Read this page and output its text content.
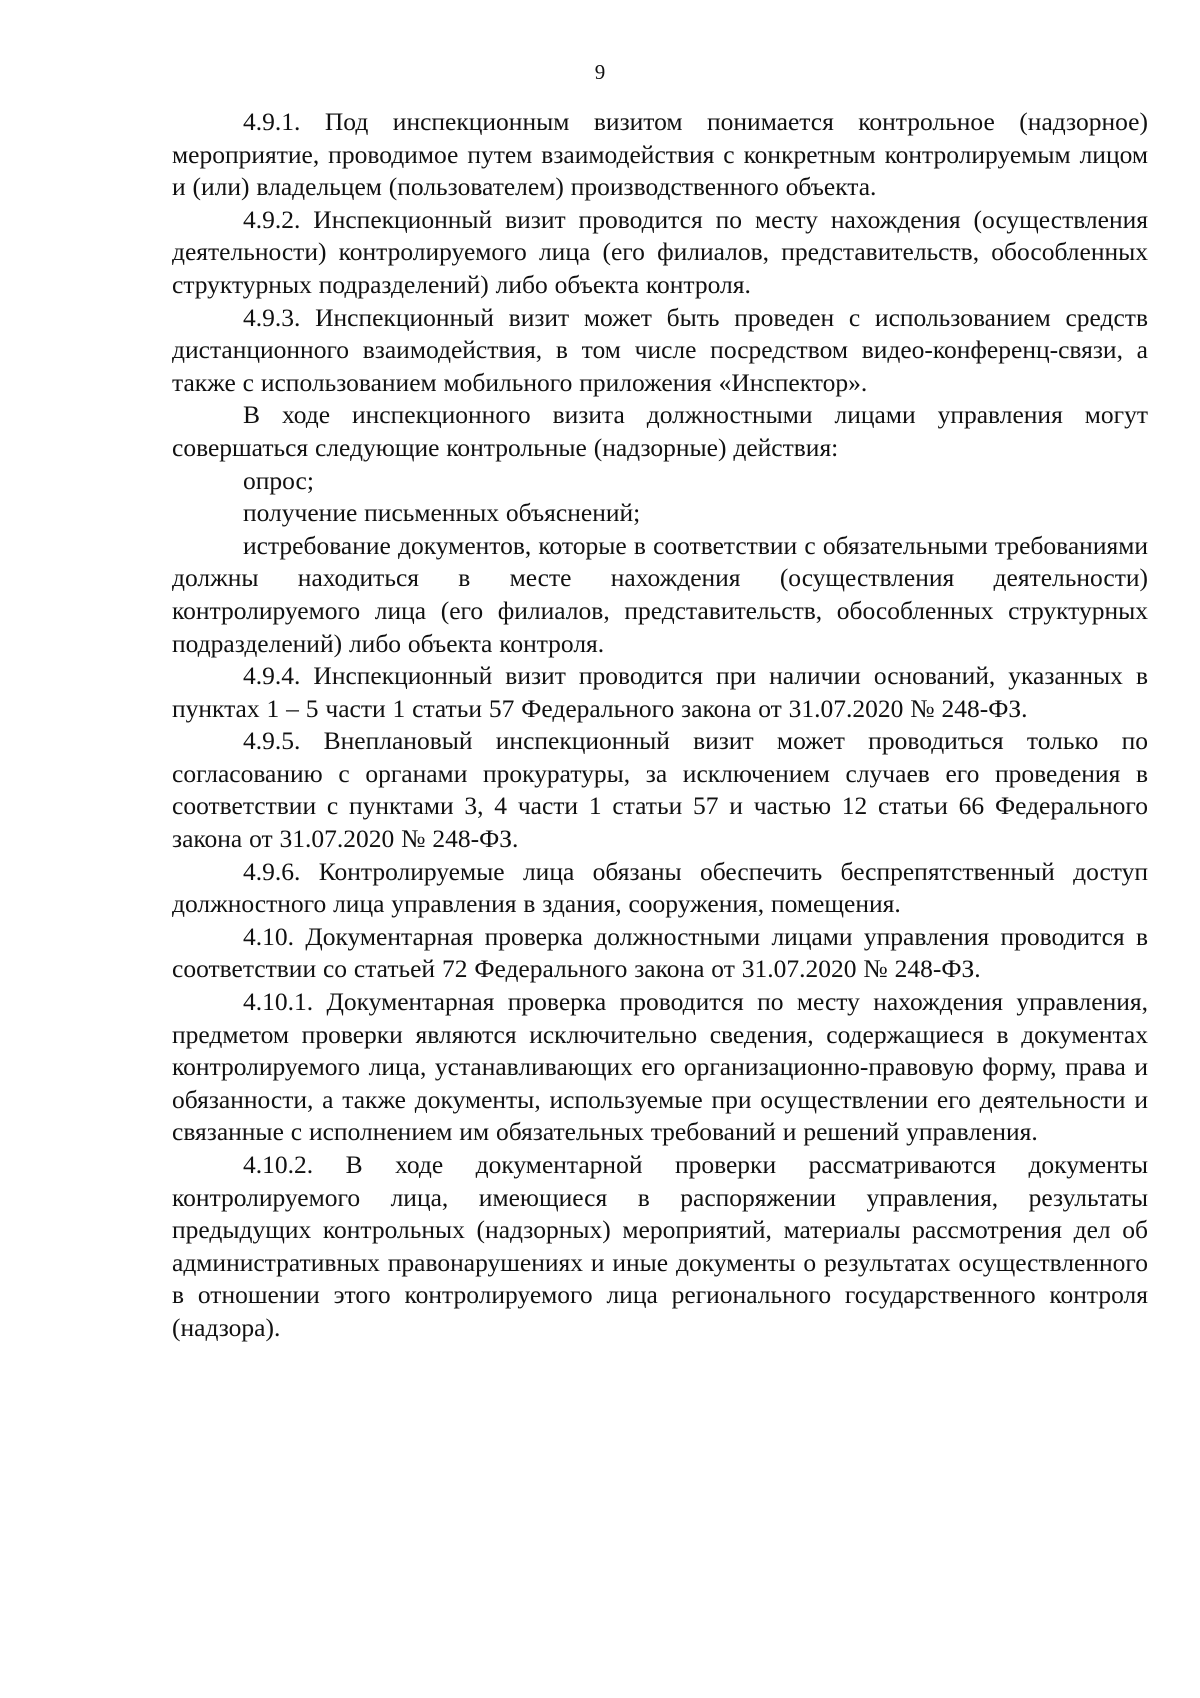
9

4.9.1. Под инспекционным визитом понимается контрольное (надзорное) мероприятие, проводимое путем взаимодействия с конкретным контролируемым лицом и (или) владельцем (пользователем) производственного объекта.

4.9.2. Инспекционный визит проводится по месту нахождения (осуществления деятельности) контролируемого лица (его филиалов, представительств, обособленных структурных подразделений) либо объекта контроля.

4.9.3. Инспекционный визит может быть проведен с использованием средств дистанционного взаимодействия, в том числе посредством видео-конференц-связи, а также с использованием мобильного приложения «Инспектор».

В ходе инспекционного визита должностными лицами управления могут совершаться следующие контрольные (надзорные) действия:

опрос;

получение письменных объяснений;

истребование документов, которые в соответствии с обязательными требованиями должны находиться в месте нахождения (осуществления деятельности) контролируемого лица (его филиалов, представительств, обособленных структурных подразделений) либо объекта контроля.

4.9.4. Инспекционный визит проводится при наличии оснований, указанных в пунктах 1 – 5 части 1 статьи 57 Федерального закона от 31.07.2020 № 248-ФЗ.

4.9.5. Внеплановый инспекционный визит может проводиться только по согласованию с органами прокуратуры, за исключением случаев его проведения в соответствии с пунктами 3, 4 части 1 статьи 57 и частью 12 статьи 66 Федерального закона от 31.07.2020 № 248-ФЗ.

4.9.6. Контролируемые лица обязаны обеспечить беспрепятственный доступ должностного лица управления в здания, сооружения, помещения.

4.10. Документарная проверка должностными лицами управления проводится в соответствии со статьей 72 Федерального закона от 31.07.2020 № 248-ФЗ.

4.10.1. Документарная проверка проводится по месту нахождения управления, предметом проверки являются исключительно сведения, содержащиеся в документах контролируемого лица, устанавливающих его организационно-правовую форму, права и обязанности, а также документы, используемые при осуществлении его деятельности и связанные с исполнением им обязательных требований и решений управления.

4.10.2. В ходе документарной проверки рассматриваются документы контролируемого лица, имеющиеся в распоряжении управления, результаты предыдущих контрольных (надзорных) мероприятий, материалы рассмотрения дел об административных правонарушениях и иные документы о результатах осуществленного в отношении этого контролируемого лица регионального государственного контроля (надзора).
